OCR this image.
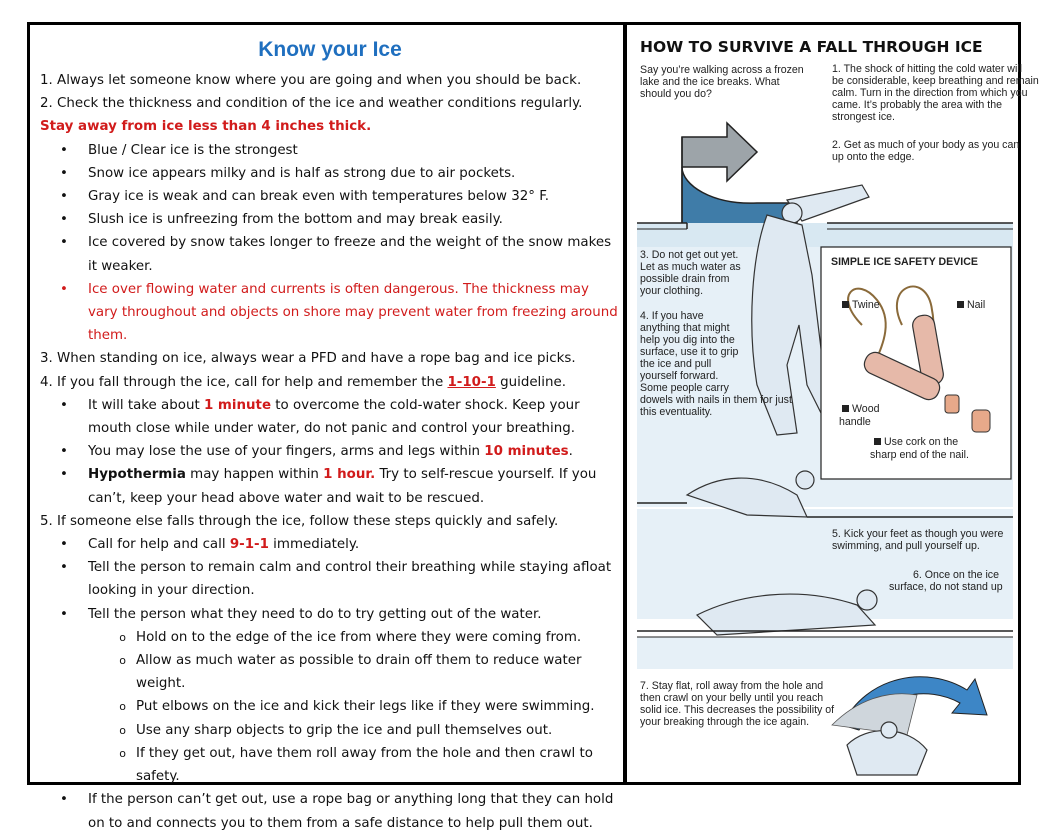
Know your Ice
1. Always let someone know where you are going and when you should be back.
2. Check the thickness and condition of the ice and weather conditions regularly. Stay away from ice less than 4 inches thick.
•	Blue / Clear ice is the strongest
•	Snow ice appears milky and is half as strong due to air pockets.
•	Gray ice is weak and can break even with temperatures below 32° F.
•	Slush ice is unfreezing from the bottom and may break easily.
•	Ice covered by snow takes longer to freeze and the weight of the snow makes it weaker.
•	Ice over flowing water and currents is often dangerous. The thickness may vary throughout and objects on shore may prevent water from freezing around them.
3. When standing on ice, always wear a PFD and have a rope bag and ice picks.
4. If you fall through the ice, call for help and remember the 1-10-1 guideline.
•	It will take about 1 minute to overcome the cold-water shock. Keep your mouth close while under water, do not panic and control your breathing.
•	You may lose the use of your fingers, arms and legs within 10 minutes.
•	Hypothermia may happen within 1 hour. Try to self-rescue yourself. If you can’t, keep your head above water and wait to be rescued.
5. If someone else falls through the ice, follow these steps quickly and safely.
•	Call for help and call 9-1-1 immediately.
•	Tell the person to remain calm and control their breathing while staying afloat looking in your direction.
•	Tell the person what they need to do to try getting out of the water.
o Hold on to the edge of the ice from where they were coming from.
o Allow as much water as possible to drain off them to reduce water weight.
o Put elbows on the ice and kick their legs like if they were swimming.
o Use any sharp objects to grip the ice and pull themselves out.
o If they get out, have them roll away from the hole and then crawl to safety.
•	If the person can’t get out, use a rope bag or anything long that they can hold on to and connects you to them from a safe distance to help pull them out.
HOW TO SURVIVE A FALL THROUGH ICE
Say you’re walking across a frozen
lake and the ice breaks. What
should you do?
1. The shock of hitting the cold water will
be considerable, keep breathing and remain
calm. Turn in the direction from which you
came. It’s probably the area with the
strongest ice.
2. Get as much of your body as you can
up onto the edge.
3. Do not get out yet.
Let as much water as
possible drain from
your clothing.
4. If you have
anything that might
help you dig into the
surface, use it to grip
the ice and pull
yourself forward.
Some people carry
dowels with nails in them for just
this eventuality.
SIMPLE ICE SAFETY DEVICE
Twine	Nail
Wood
handle
Use cork on the
sharp end of the nail.
5. Kick your feet as though you were
swimming, and pull yourself up.
6. Once on the ice
surface, do not stand up
7. Stay flat, roll away from the hole and
then crawl on your belly until you reach
solid ice. This decreases the possibility of
your breaking through the ice again.
